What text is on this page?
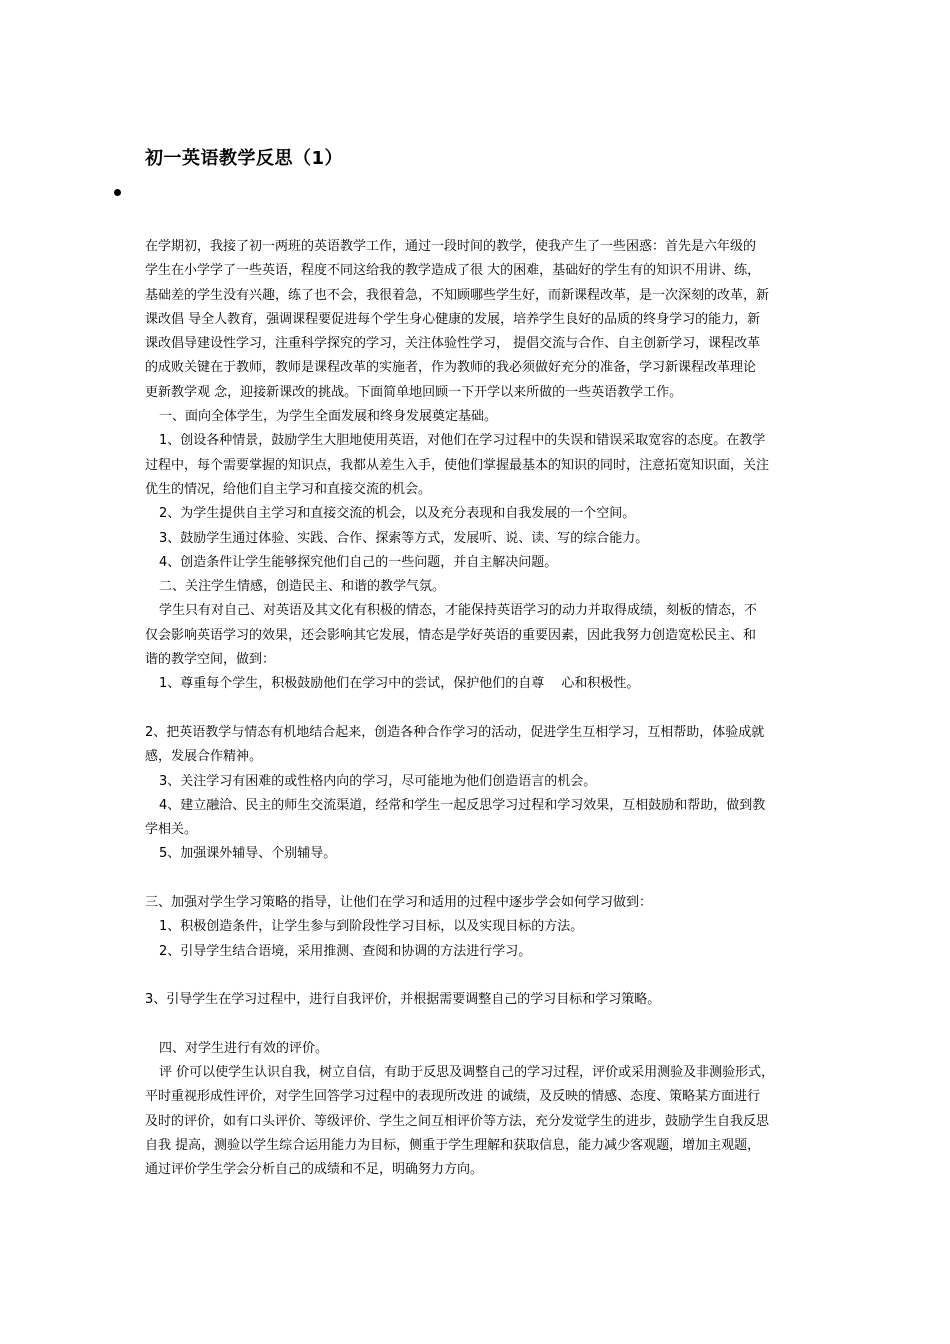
初一英语教学反思（1）
在学期初，我接了初一两班的英语教学工作，通过一段时间的教学，使我产生了一些困惑：首先是六年级的
学生在小学学了一些英语，程度不同这给我的教学造成了很 大的困难，基础好的学生有的知识不用讲、练，
基础差的学生没有兴趣，练了也不会，我很着急，不知顾哪些学生好，而新课程改革，是一次深刻的改革，新
课改倡 导全人教育，强调课程要促进每个学生身心健康的发展，培养学生良好的品质的终身学习的能力，新
课改倡导建设性学习，注重科学探究的学习，关注体验性学习， 提倡交流与合作、自主创新学习，课程改革
的成败关键在于教师，教师是课程改革的实施者，作为教师的我必须做好充分的准备，学习新课程改革理论
更新教学观 念，迎接新课改的挑战。下面简单地回顾一下开学以来所做的一些英语教学工作。
一、面向全体学生，为学生全面发展和终身发展奠定基础。
1、创设各种情景，鼓励学生大胆地使用英语，对他们在学习过程中的失误和错误采取宽容的态度。在教学
过程中，每个需要掌握的知识点，我都从差生入手，使他们掌握最基本的知识的同时，注意拓宽知识面，关注
优生的情况，给他们自主学习和直接交流的机会。
2、为学生提供自主学习和直接交流的机会，以及充分表现和自我发展的一个空间。
3、鼓励学生通过体验、实践、合作、探索等方式，发展听、说、读、写的综合能力。
4、创造条件让学生能够探究他们自己的一些问题，并自主解决问题。
二、关注学生情感，创造民主、和谐的教学气氛。
学生只有对自己、对英语及其文化有积极的情态，才能保持英语学习的动力并取得成绩，刻板的情态，不
仅会影响英语学习的效果，还会影响其它发展，情态是学好英语的重要因素，因此我努力创造宽松民主、和
谐的教学空间，做到：
1、尊重每个学生，积极鼓励他们在学习中的尝试，保护他们的自尊　 心和积极性。
2、把英语教学与情态有机地结合起来，创造各种合作学习的活动，促进学生互相学习，互相帮助，体验成就
感，发展合作精神。
3、关注学习有困难的或性格内向的学习，尽可能地为他们创造语言的机会。
4、建立融洽、民主的师生交流渠道，经常和学生一起反思学习过程和学习效果，互相鼓励和帮助，做到教
学相关。
5、加强课外辅导、个别辅导。
三、加强对学生学习策略的指导，让他们在学习和适用的过程中逐步学会如何学习做到：
1、积极创造条件，让学生参与到阶段性学习目标，以及实现目标的方法。
2、引导学生结合语境，采用推测、查阅和协调的方法进行学习。
3、引导学生在学习过程中，进行自我评价，并根据需要调整自己的学习目标和学习策略。
四、对学生进行有效的评价。
评 价可以使学生认识自我，树立自信，有助于反思及调整自己的学习过程，评价或采用测验及非测验形式，
平时重视形成性评价，对学生回答学习过程中的表现所改进 的诚绩，及反映的情感、态度、策略某方面进行
及时的评价，如有口头评价、等级评价、学生之间互相评价等方法，充分发觉学生的进步，鼓励学生自我反思
自我 提高，测验以学生综合运用能力为目标，侧重于学生理解和获取信息，能力减少客观题，增加主观题，
通过评价学生学会分析自己的成绩和不足，明确努力方向。
